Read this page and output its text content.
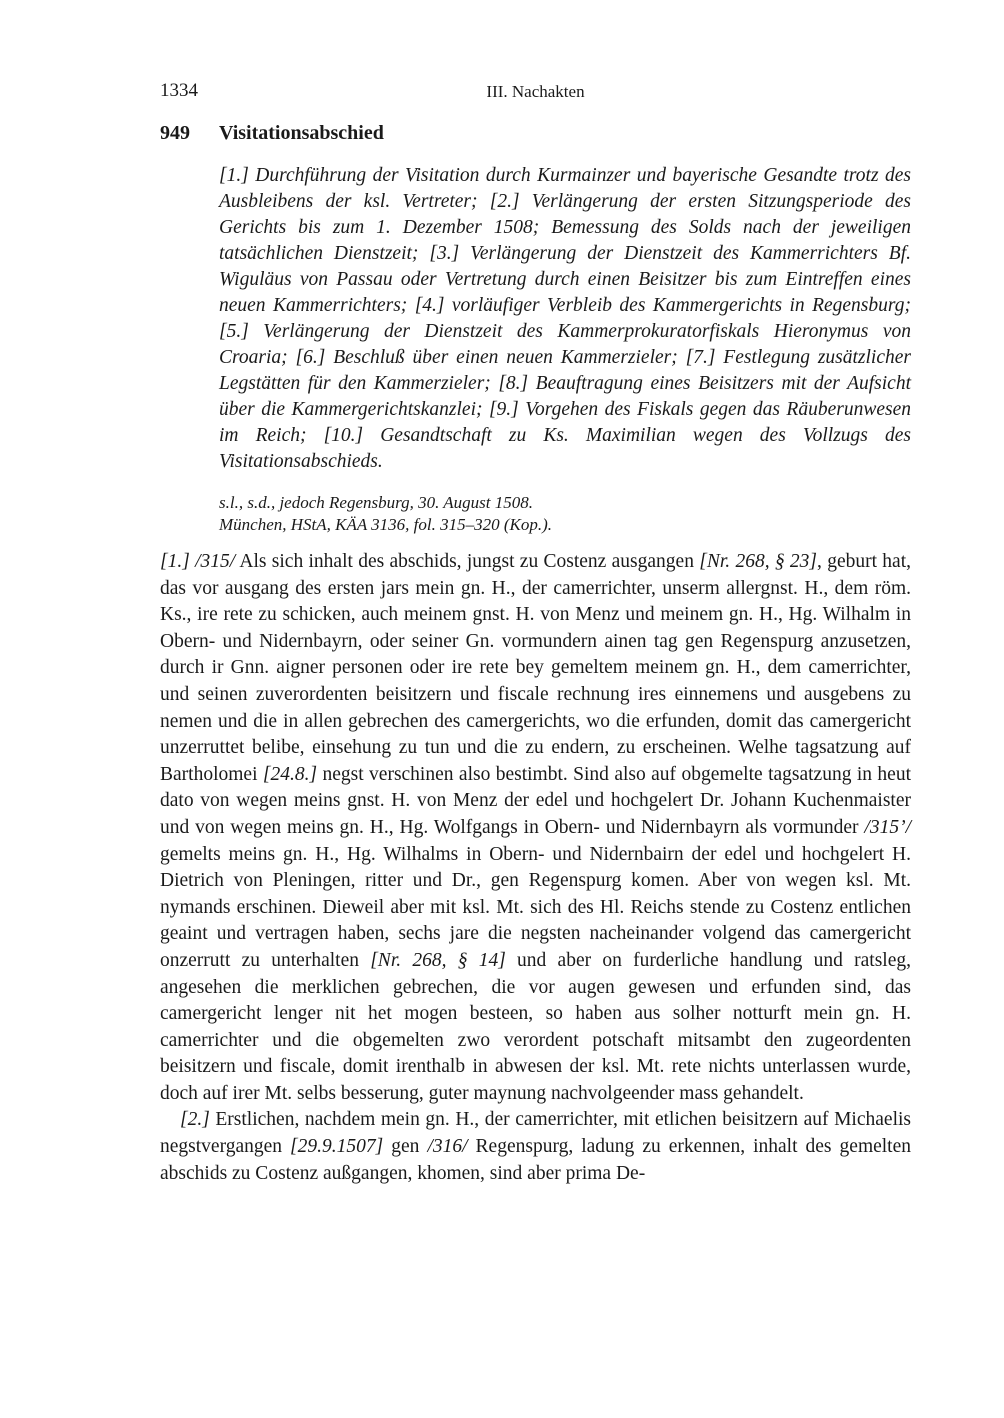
1334	III. Nachakten
949 Visitationsabschied

[1.] Durchführung der Visitation durch Kurmainzer und bayerische Gesandte trotz des Ausbleibens der ksl. Vertreter; [2.] Verlängerung der ersten Sitzungsperiode des Gerichts bis zum 1. Dezember 1508; Bemessung des Solds nach der jeweiligen tatsächlichen Dienstzeit; [3.] Verlängerung der Dienstzeit des Kammerrichters Bf. Wiguläus von Passau oder Vertretung durch einen Beisitzer bis zum Eintreffen eines neuen Kammerrichters; [4.] vorläufiger Verbleib des Kammergerichts in Regensburg; [5.] Verlängerung der Dienstzeit des Kammerprokuratorfiskals Hieronymus von Croaria; [6.] Beschluß über einen neuen Kammerzieler; [7.] Festlegung zusätzlicher Legstätten für den Kammerzieler; [8.] Beauftragung eines Beisitzers mit der Aufsicht über die Kammergerichtskanzlei; [9.] Vorgehen des Fiskals gegen das Räuberunwesen im Reich; [10.] Gesandtschaft zu Ks. Maximilian wegen des Vollzugs des Visitationsabschieds.

s.l., s.d., jedoch Regensburg, 30. August 1508.
München, HStA, KÄA 3136, fol. 315–320 (Kop.).

[1.] /315/ Als sich inhalt des abschids, jungst zu Costenz ausgangen [Nr. 268, § 23], geburt hat, das vor ausgang des ersten jars mein gn. H., der camerrichter, unserm allergnst. H., dem röm. Ks., ire rete zu schicken, auch meinem gnst. H. von Menz und meinem gn. H., Hg. Wilhalm in Obern- und Nidernbayrn, oder seiner Gn. vormundern ainen tag gen Regenspurg anzusetzen, durch ir Gnn. aigner personen oder ire rete bey gemeltem meinem gn. H., dem camerrichter, und seinen zuverordenten beisitzern und fiscale rechnung ires einnemens und ausgebens zu nemen und die in allen gebrechen des camergerichts, wo die erfunden, domit das camergericht unzerruttet belibe, einsehung zu tun und die zu endern, zu erscheinen. Welhe tagsatzung auf Bartholomei [24.8.] negst verschinen also bestimbt. Sind also auf obgemelte tagsatzung in heut dato von wegen meins gnst. H. von Menz der edel und hochgelert Dr. Johann Kuchenmaister und von wegen meins gn. H., Hg. Wolfgangs in Obern- und Nidernbayrn als vormunder /315’/ gemelts meins gn. H., Hg. Wilhalms in Obern- und Nidernbairn der edel und hochgelert H. Dietrich von Pleningen, ritter und Dr., gen Regenspurg komen. Aber von wegen ksl. Mt. nymands erschinen. Dieweil aber mit ksl. Mt. sich des Hl. Reichs stende zu Costenz entlichen geaint und vertragen haben, sechs jare die negsten nacheinander volgend das camergericht onzerrutt zu unterhalten [Nr. 268, § 14] und aber on furderliche handlung und ratsleg, angesehen die merklichen gebrechen, die vor augen gewesen und erfunden sind, das camergericht lenger nit het mogen besteen, so haben aus solher notturft mein gn. H. camerrichter und die obgemelten zwo verordent potschaft mitsambt den zugeordenten beisitzern und fiscale, domit irenthalb in abwesen der ksl. Mt. rete nichts unterlassen wurde, doch auf irer Mt. selbs besserung, guter maynung nachvolgeender mass gehandelt.

[2.] Erstlichen, nachdem mein gn. H., der camerrichter, mit etlichen beisitzern auf Michaelis negstvergangen [29.9.1507] gen /316/ Regenspurg, ladung zu erkennen, inhalt des gemelten abschids zu Costenz außgangen, khomen, sind aber prima De-
